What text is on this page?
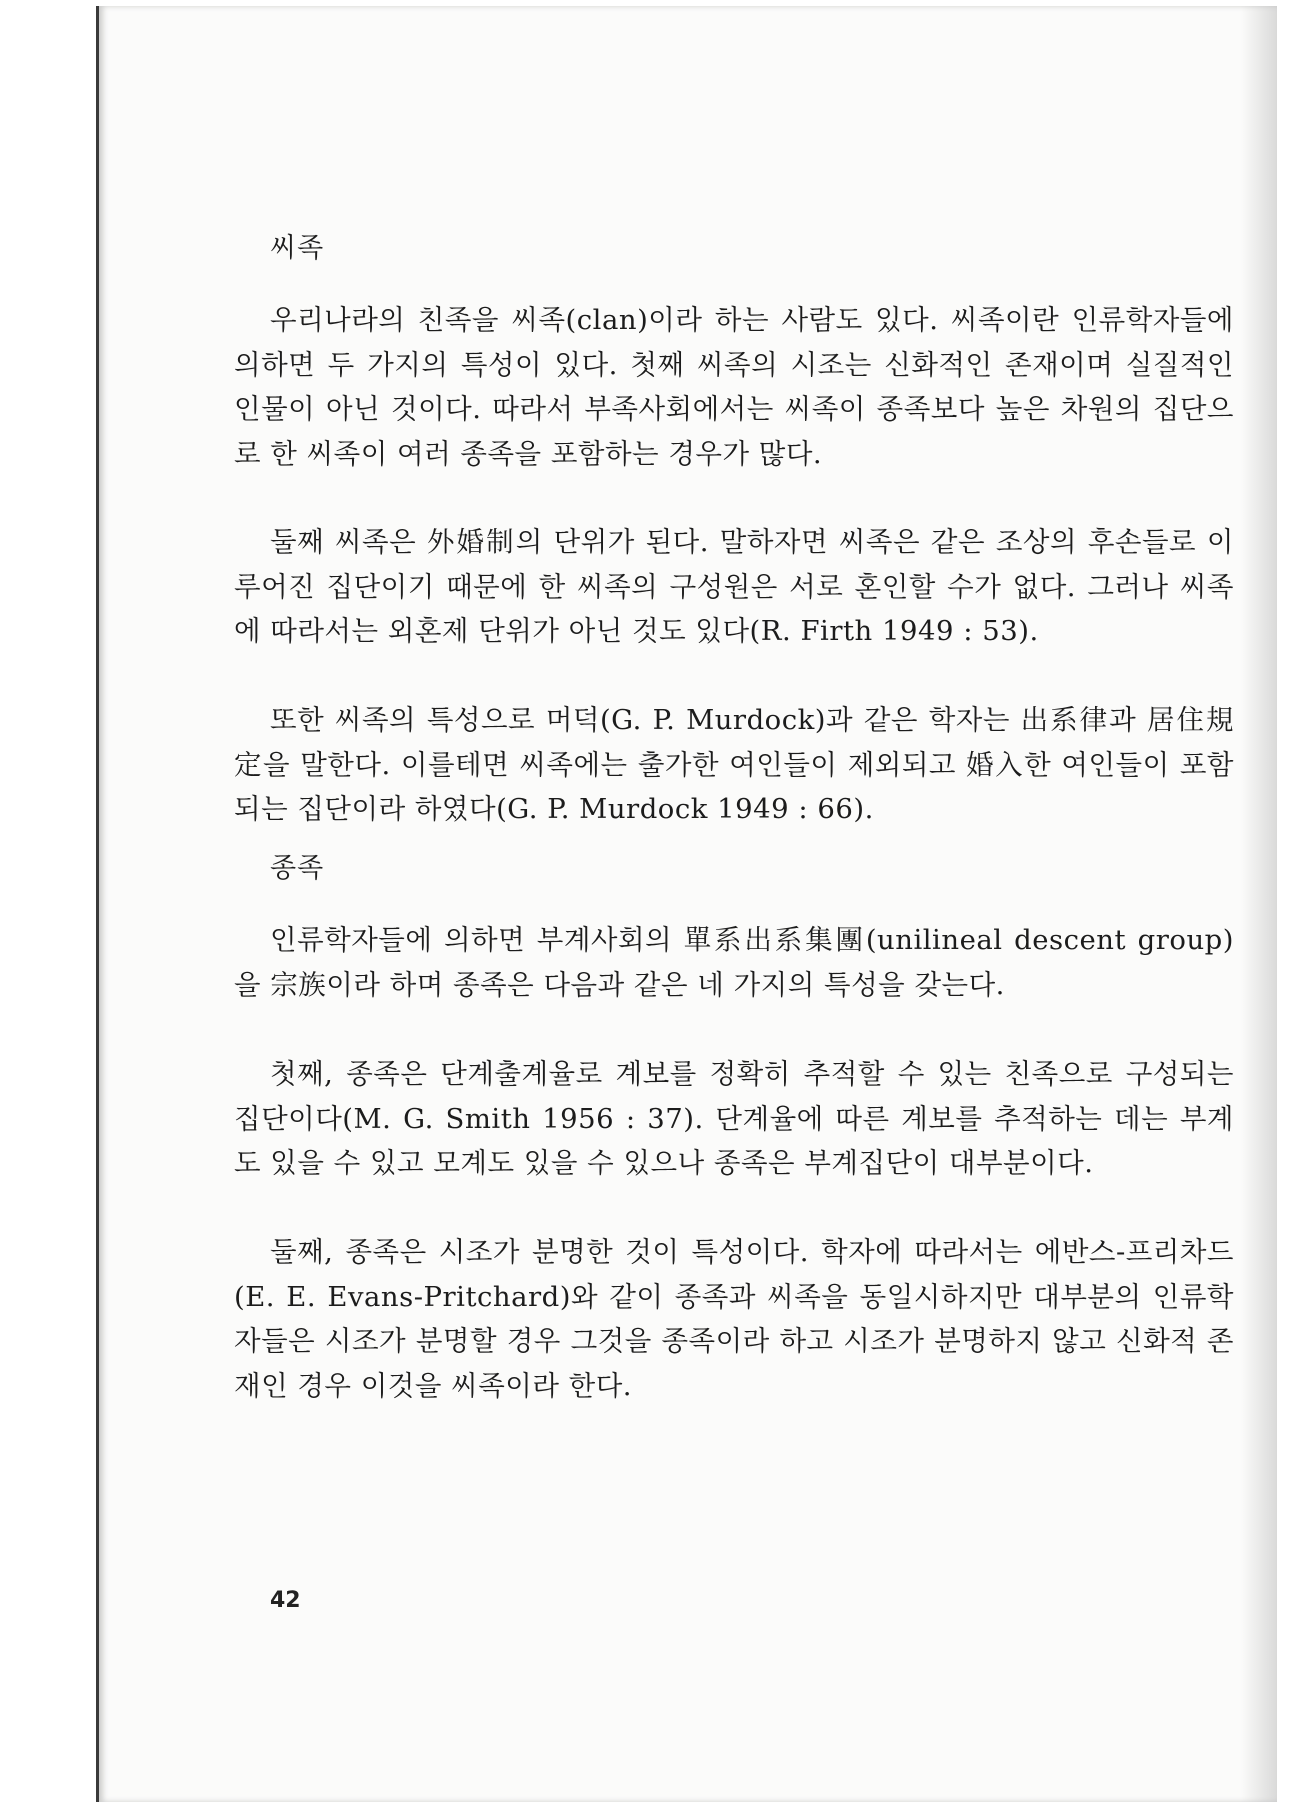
씨족

우리나라의 친족을 씨족(clan)이라 하는 사람도 있다. 씨족이란 인류학자들에 의하면 두 가지의 특성이 있다. 첫째 씨족의 시조는 신화적인 존재이며 실질적인 인물이 아닌 것이다. 따라서 부족사회에서는 씨족이 종족보다 높은 차원의 집단으로 한 씨족이 여러 종족을 포함하는 경우가 많다.

둘째 씨족은 外婚制의 단위가 된다. 말하자면 씨족은 같은 조상의 후손들로 이루어진 집단이기 때문에 한 씨족의 구성원은 서로 혼인할 수가 없다. 그러나 씨족에 따라서는 외혼제 단위가 아닌 것도 있다(R. Firth 1949 : 53).

또한 씨족의 특성으로 머덕(G. P. Murdock)과 같은 학자는 出系律과 居住規定을 말한다. 이를테면 씨족에는 출가한 여인들이 제외되고 婚入한 여인들이 포함되는 집단이라 하였다(G. P. Murdock 1949 : 66).

종족

인류학자들에 의하면 부계사회의 單系出系集團(unilineal descent group)을 宗族이라 하며 종족은 다음과 같은 네 가지의 특성을 갖는다.

첫째, 종족은 단계출계율로 계보를 정확히 추적할 수 있는 친족으로 구성되는 집단이다(M. G. Smith 1956 : 37). 단계율에 따른 계보를 추적하는 데는 부계도 있을 수 있고 모계도 있을 수 있으나 종족은 부계집단이 대부분이다.

둘째, 종족은 시조가 분명한 것이 특성이다. 학자에 따라서는 에반스-프리차드(E. E. Evans-Pritchard)와 같이 종족과 씨족을 동일시하지만 대부분의 인류학자들은 시조가 분명할 경우 그것을 종족이라 하고 시조가 분명하지 않고 신화적 존재인 경우 이것을 씨족이라 한다.

42
